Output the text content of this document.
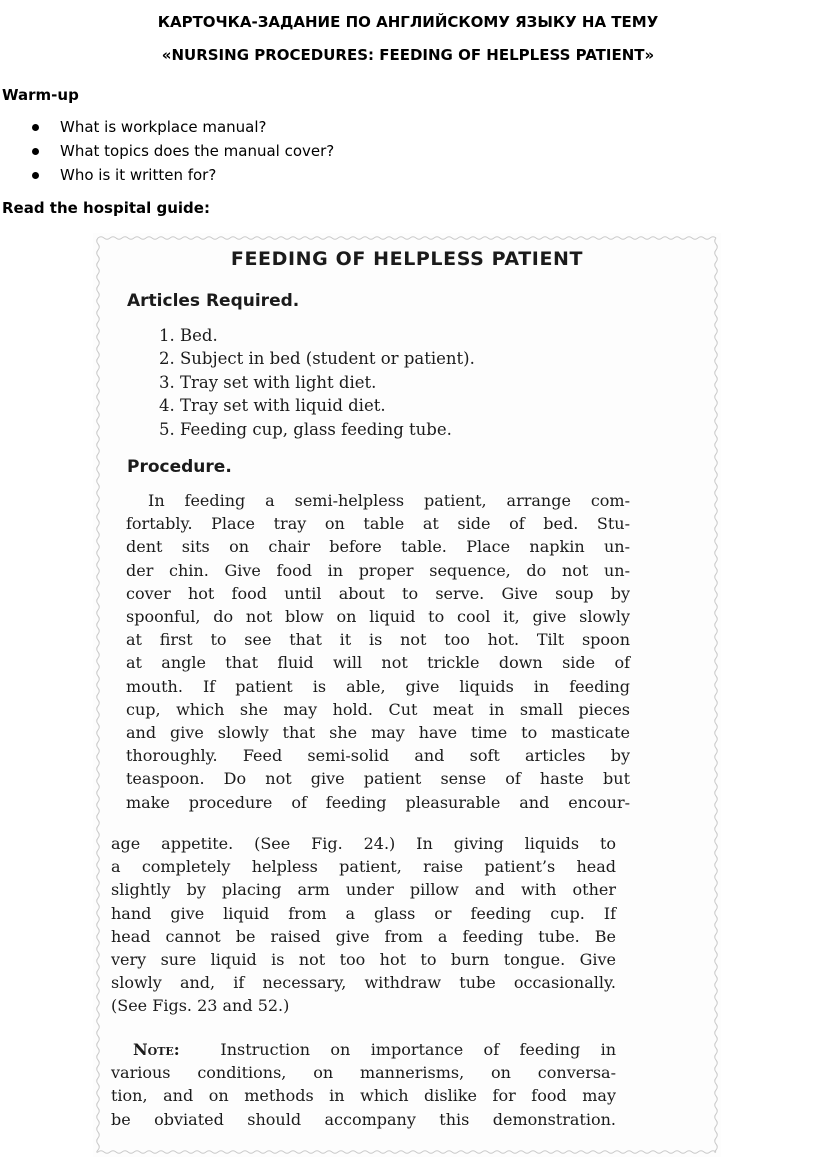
КАРТОЧКА-ЗАДАНИЕ ПО АНГЛИЙСКОМУ ЯЗЫКУ НА ТЕМУ
«NURSING PROCEDURES: FEEDING OF HELPLESS PATIENT»
Warm-up
What is workplace manual?
What topics does the manual cover?
Who is it written for?
Read the hospital guide:
FEEDING OF HELPLESS PATIENT
Articles Required.
1. Bed.
2. Subject in bed (student or patient).
3. Tray set with light diet.
4. Tray set with liquid diet.
5. Feeding cup, glass feeding tube.
Procedure.
In feeding a semi-helpless patient, arrange com-
fortably. Place tray on table at side of bed. Stu-
dent sits on chair before table. Place napkin un-
der chin. Give food in proper sequence, do not un-
cover hot food until about to serve. Give soup by
spoonful, do not blow on liquid to cool it, give slowly
at first to see that it is not too hot. Tilt spoon
at angle that fluid will not trickle down side of
mouth. If patient is able, give liquids in feeding
cup, which she may hold. Cut meat in small pieces
and give slowly that she may have time to masticate
thoroughly. Feed semi-solid and soft articles by
teaspoon. Do not give patient sense of haste but
make procedure of feeding pleasurable and encour-
age appetite. (See Fig. 24.) In giving liquids to
a completely helpless patient, raise patient’s head
slightly by placing arm under pillow and with other
hand give liquid from a glass or feeding cup. If
head cannot be raised give from a feeding tube. Be
very sure liquid is not too hot to burn tongue. Give
slowly and, if necessary, withdraw tube occasionally.
(See Figs. 23 and 52.)
Note:	Instruction on importance of feeding in
various conditions, on mannerisms, on conversa-
tion, and on methods in which dislike for food may
be obviated should accompany this demonstration.
